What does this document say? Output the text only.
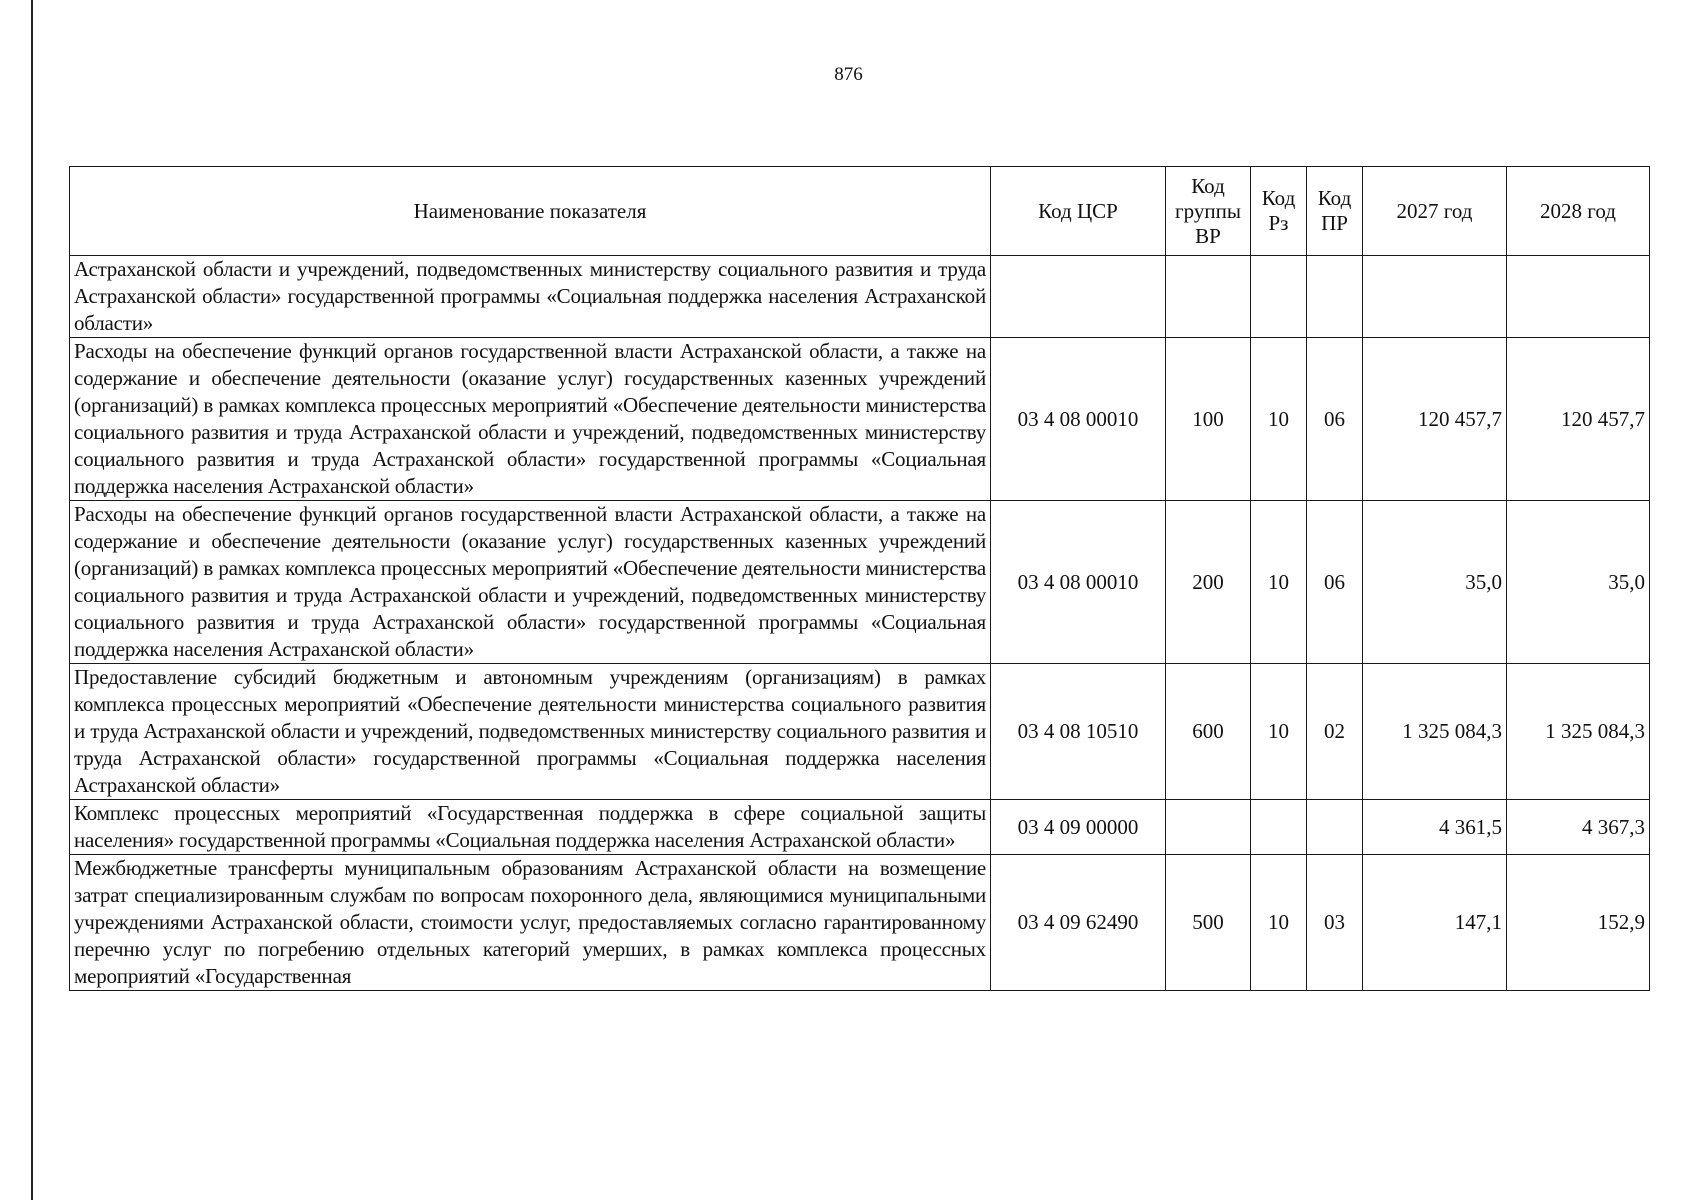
876
Наименование показателя	Код ЦСР	Код группы ВР	Код Рз	Код ПР	2027 год	2028 год
Астраханской области и учреждений, подведомственных министерству социального развития и труда Астраханской области» государственной программы «Социальная поддержка населения Астраханской области»						
Расходы на обеспечение функций органов государственной власти Астраханской области, а также на содержание и обеспечение деятельности (оказание услуг) государственных казенных учреждений (организаций) в рамках комплекса процессных мероприятий «Обеспечение деятельности министерства социального развития и труда Астраханской области и учреждений, подведомственных министерству социального развития и труда Астраханской области» государственной программы «Социальная поддержка населения Астраханской области»	03 4 08 00010	100	10	06	120 457,7	120 457,7
Расходы на обеспечение функций органов государственной власти Астраханской области, а также на содержание и обеспечение деятельности (оказание услуг) государственных казенных учреждений (организаций) в рамках комплекса процессных мероприятий «Обеспечение деятельности министерства социального развития и труда Астраханской области и учреждений, подведомственных министерству социального развития и труда Астраханской области» государственной программы «Социальная поддержка населения Астраханской области»	03 4 08 00010	200	10	06	35,0	35,0
Предоставление субсидий бюджетным и автономным учреждениям (организациям) в рамках комплекса процессных мероприятий «Обеспечение деятельности министерства социального развития и труда Астраханской области и учреждений, подведомственных министерству социального развития и труда Астраханской области» государственной программы «Социальная поддержка населения Астраханской области»	03 4 08 10510	600	10	02	1 325 084,3	1 325 084,3
Комплекс процессных мероприятий «Государственная поддержка в сфере социальной защиты населения» государственной программы «Социальная поддержка населения Астраханской области»	03 4 09 00000				4 361,5	4 367,3
Межбюджетные трансферты муниципальным образованиям Астраханской области на возмещение затрат специализированным службам по вопросам похоронного дела, являющимися муниципальными учреждениями Астраханской области, стоимости услуг, предоставляемых согласно гарантированному перечню услуг по погребению отдельных категорий умерших, в рамках комплекса процессных мероприятий «Государственная	03 4 09 62490	500	10	03	147,1	152,9
